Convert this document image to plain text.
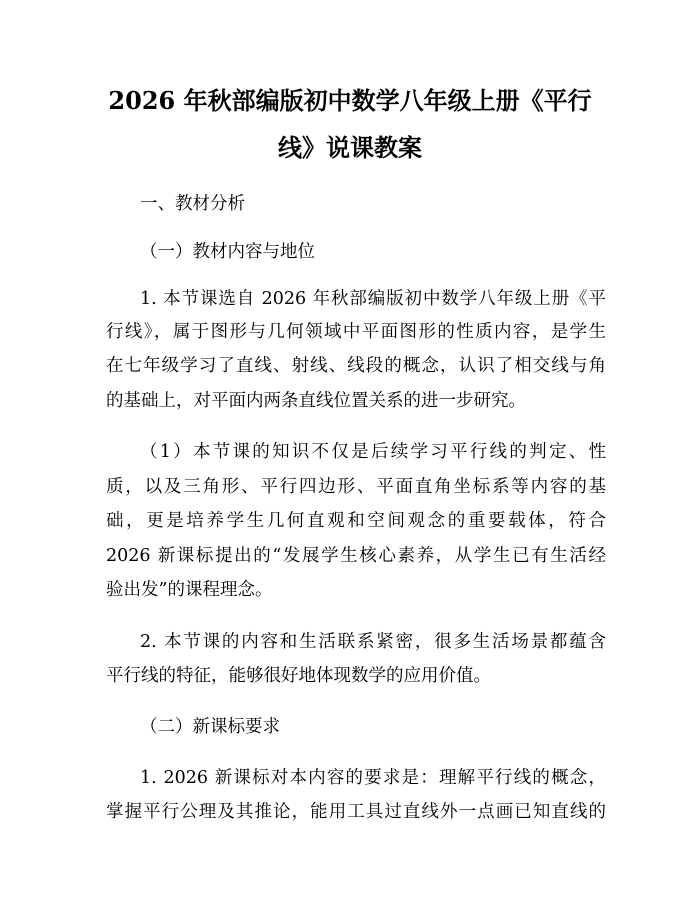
2026 年秋部编版初中数学八年级上册《平行
线》说课教案
一、教材分析
（一）教材内容与地位
1. 本节课选自 2026 年秋部编版初中数学八年级上册《平
行线》，属于图形与几何领域中平面图形的性质内容，是学生
在七年级学习了直线、射线、线段的概念，认识了相交线与角
的基础上，对平面内两条直线位置关系的进一步研究。
（1）本节课的知识不仅是后续学习平行线的判定、性
质，以及三角形、平行四边形、平面直角坐标系等内容的基
础，更是培养学生几何直观和空间观念的重要载体，符合
2026 新课标提出的“发展学生核心素养，从学生已有生活经
验出发”的课程理念。
2. 本节课的内容和生活联系紧密，很多生活场景都蕴含
平行线的特征，能够很好地体现数学的应用价值。
（二）新课标要求
1. 2026 新课标对本内容的要求是：理解平行线的概念，
掌握平行公理及其推论，能用工具过直线外一点画已知直线的
